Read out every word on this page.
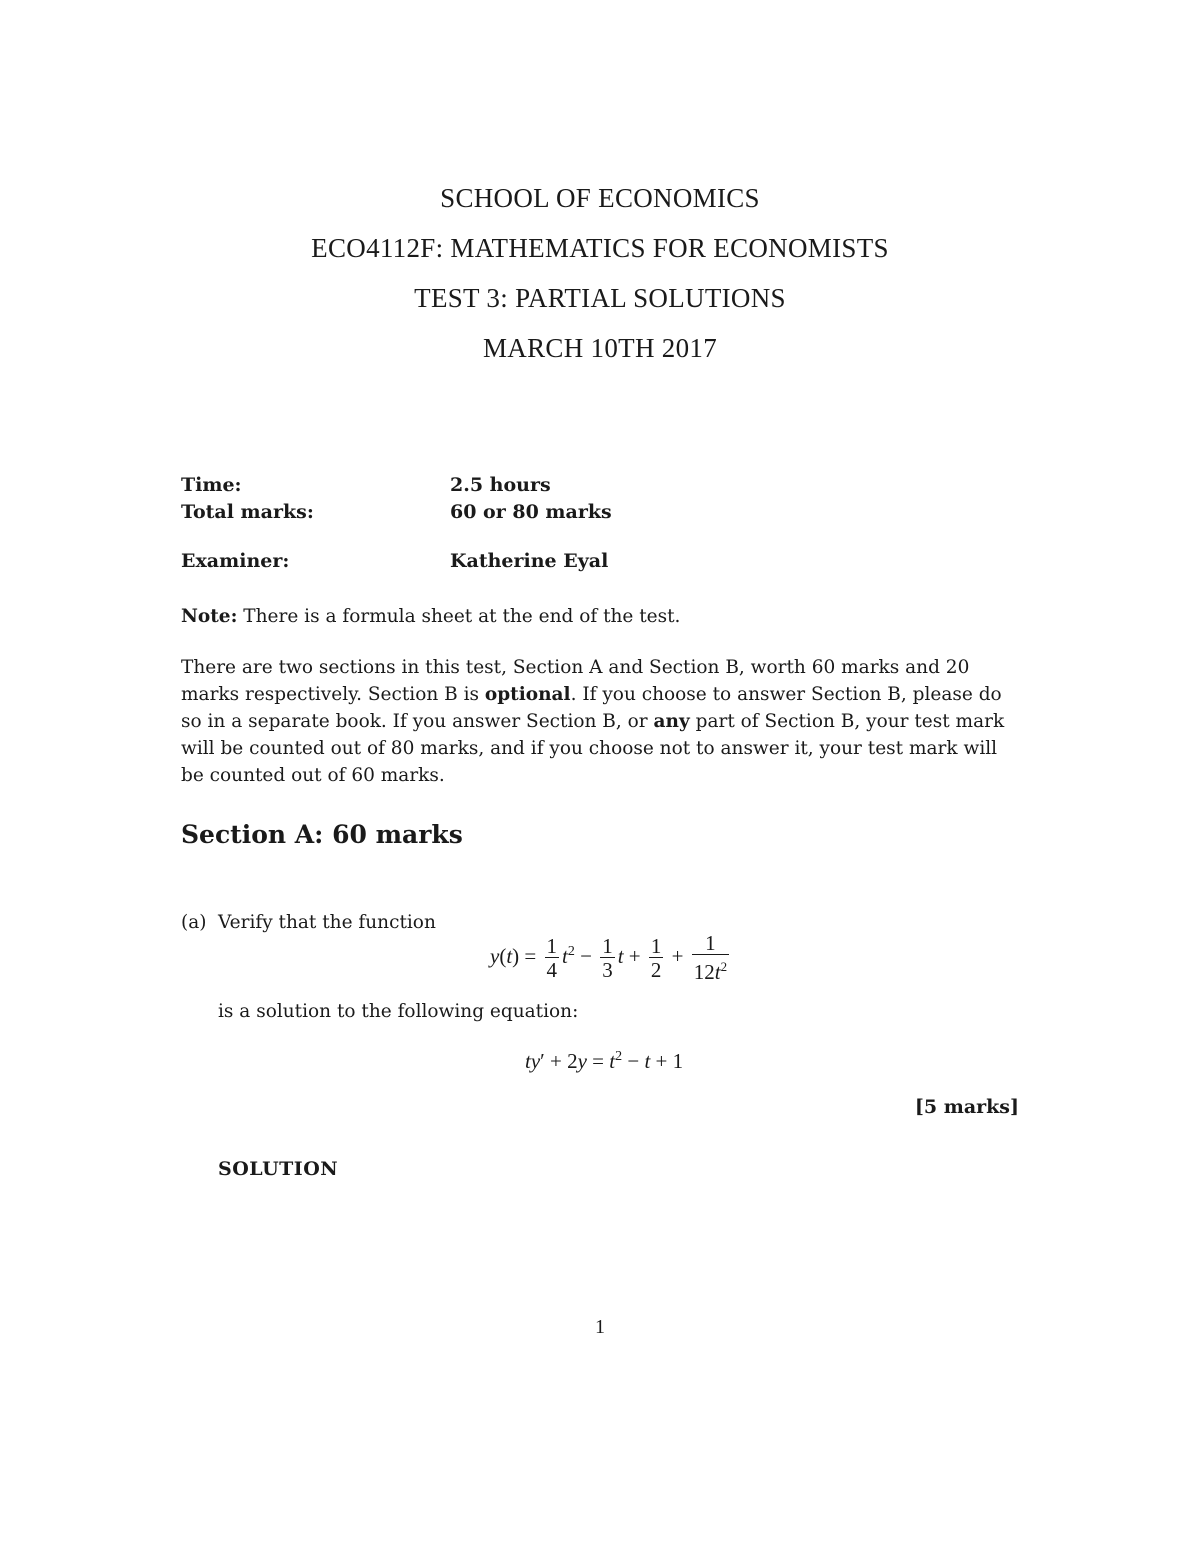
SCHOOL OF ECONOMICS
ECO4112F: MATHEMATICS FOR ECONOMISTS
TEST 3: PARTIAL SOLUTIONS
MARCH 10TH 2017
Time:	2.5 hours
Total marks:	60 or 80 marks
Examiner:	Katherine Eyal
Note: There is a formula sheet at the end of the test.
There are two sections in this test, Section A and Section B, worth 60 marks and 20 marks respectively. Section B is optional. If you choose to answer Section B, please do so in a separate book. If you answer Section B, or any part of Section B, your test mark will be counted out of 80 marks, and if you choose not to answer it, your test mark will be counted out of 60 marks.
Section A: 60 marks
(a) Verify that the function
$y(t) = \frac{1}{4} t^2 - \frac{1}{3}$ $t + \frac{1}{2} + \frac{1}{12t^2}$
is a solution to the following equation:
$ty' + 2y = t^2 - t + 1$
[5 marks]
SOLUTION
1
